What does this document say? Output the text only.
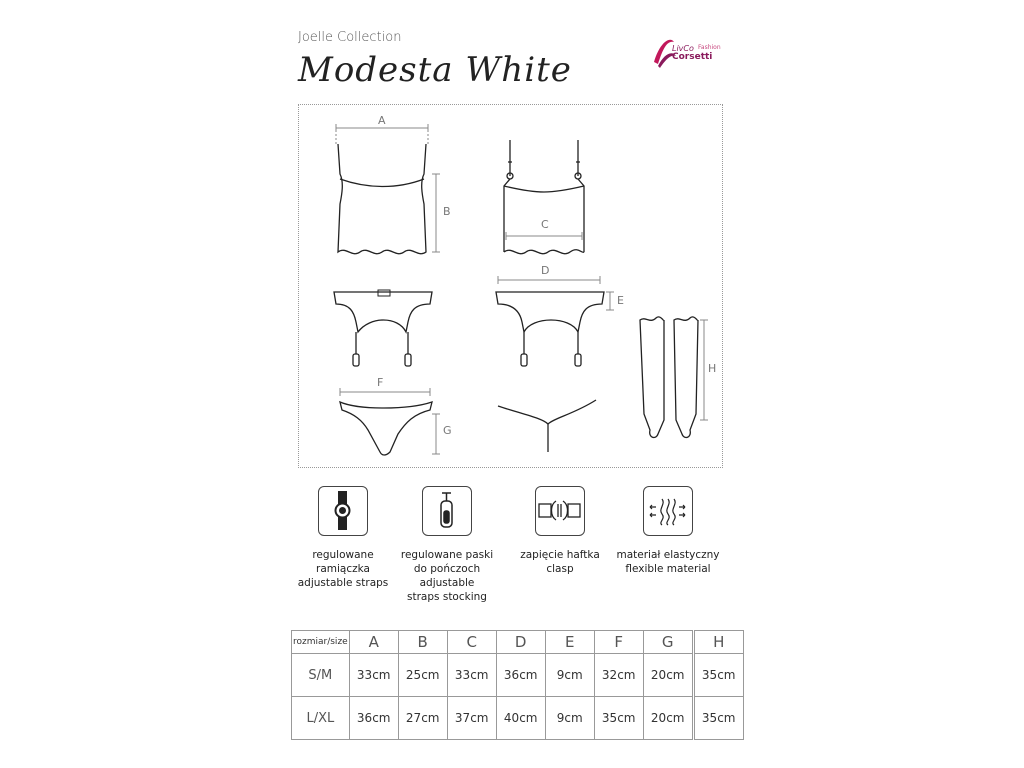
Joelle Collection
Modesta White
LivCo Fashion
Corsetti
A
B
C
D
E
F
G
H
regulowane
ramiączka
adjustable straps
regulowane paski
do pończoch
adjustable
straps stocking
zapięcie haftka
clasp
materiał elastyczny
flexible material
rozmiar/size	A	B	C	D	E	F	G	H
S/M	33cm	25cm	33cm	36cm	9cm	32cm	20cm	35cm
L/XL	36cm	27cm	37cm	40cm	9cm	35cm	20cm	35cm
